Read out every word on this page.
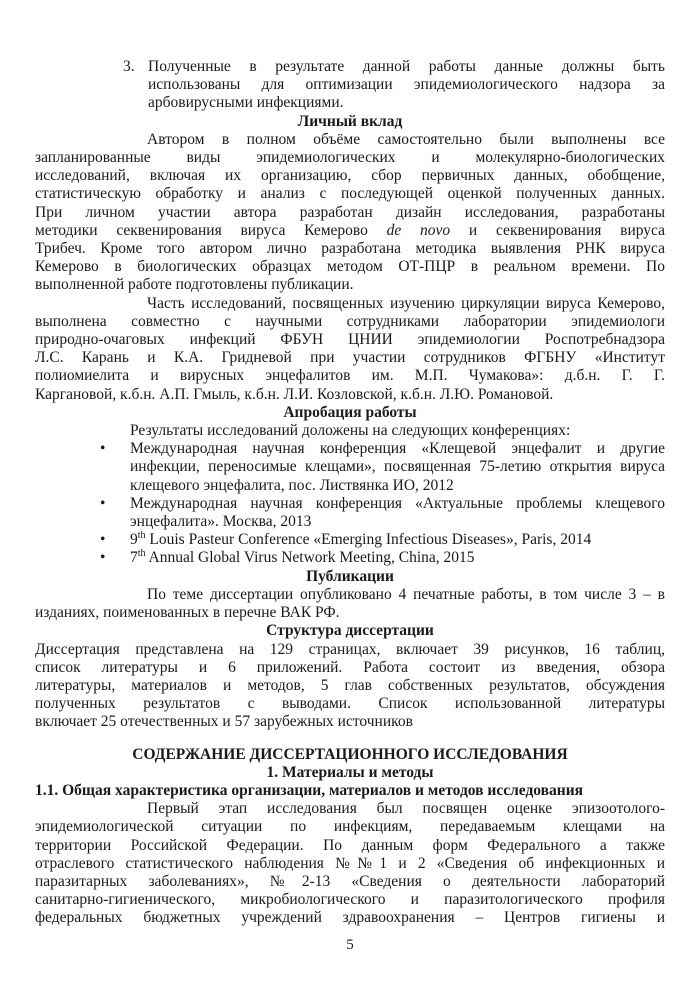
3. Полученные в результате данной работы данные должны быть
использованы для оптимизации эпидемиологического надзора за
арбовирусными инфекциями.
Личный вклад
Автором в полном объёме самостоятельно были выполнены все
запланированные виды эпидемиологических и молекулярно-биологических
исследований, включая их организацию, сбор первичных данных, обобщение,
статистическую обработку и анализ с последующей оценкой полученных данных.
При личном участии автора разработан дизайн исследования, разработаны
методики секвенирования вируса Кемерово de novo и секвенирования вируса
Трибеч. Кроме того автором лично разработана методика выявления РНК вируса
Кемерово в биологических образцах методом ОТ-ПЦР в реальном времени. По
выполненной работе подготовлены публикации.
Часть исследований, посвященных изучению циркуляции вируса Кемерово,
выполнена совместно с научными сотрудниками лаборатории эпидемиологи
природно-очаговых инфекций ФБУН ЦНИИ эпидемиологии Роспотребнадзора
Л.С. Карань и К.А. Гридневой при участии сотрудников ФГБНУ «Институт
полиомиелита и вирусных энцефалитов им. М.П. Чумакова»: д.б.н. Г. Г.
Каргановой, к.б.н. А.П. Гмыль, к.б.н. Л.И. Козловской, к.б.н. Л.Ю. Романовой.
Апробация работы
Результаты исследований доложены на следующих конференциях:
• Международная научная конференция «Клещевой энцефалит и другие
инфекции, переносимые клещами», посвященная 75-летию открытия вируса
клещевого энцефалита, пос. Листвянка ИО, 2012
• Международная научная конференция «Актуальные проблемы клещевого
энцефалита». Москва, 2013
• 9th Louis Pasteur Conference «Emerging Infectious Diseases», Paris, 2014
• 7th Annual Global Virus Network Meeting, China, 2015
Публикации
По теме диссертации опубликовано 4 печатные работы, в том числе 3 – в
изданиях, поименованных в перечне ВАК РФ.
Структура диссертации
Диссертация представлена на 129 страницах, включает 39 рисунков, 16 таблиц,
список литературы и 6 приложений. Работа состоит из введения, обзора
литературы, материалов и методов, 5 глав собственных результатов, обсуждения
полученных результатов с выводами. Список использованной литературы
включает 25 отечественных и 57 зарубежных источников
СОДЕРЖАНИЕ ДИССЕРТАЦИОННОГО ИССЛЕДОВАНИЯ
1. Материалы и методы
1.1. Общая характеристика организации, материалов и методов исследования
Первый этап исследования был посвящен оценке эпизоотолого-
эпидемиологической ситуации по инфекциям, передаваемым клещами на
территории Российской Федерации. По данным форм Федерального а также
отраслевого статистического наблюдения №№1 и 2 «Сведения об инфекционных и
паразитарных заболеваниях», №2-13 «Сведения о деятельности лабораторий
санитарно-гигиенического, микробиологического и паразитологического профиля
федеральных бюджетных учреждений здравоохранения – Центров гигиены и
5
